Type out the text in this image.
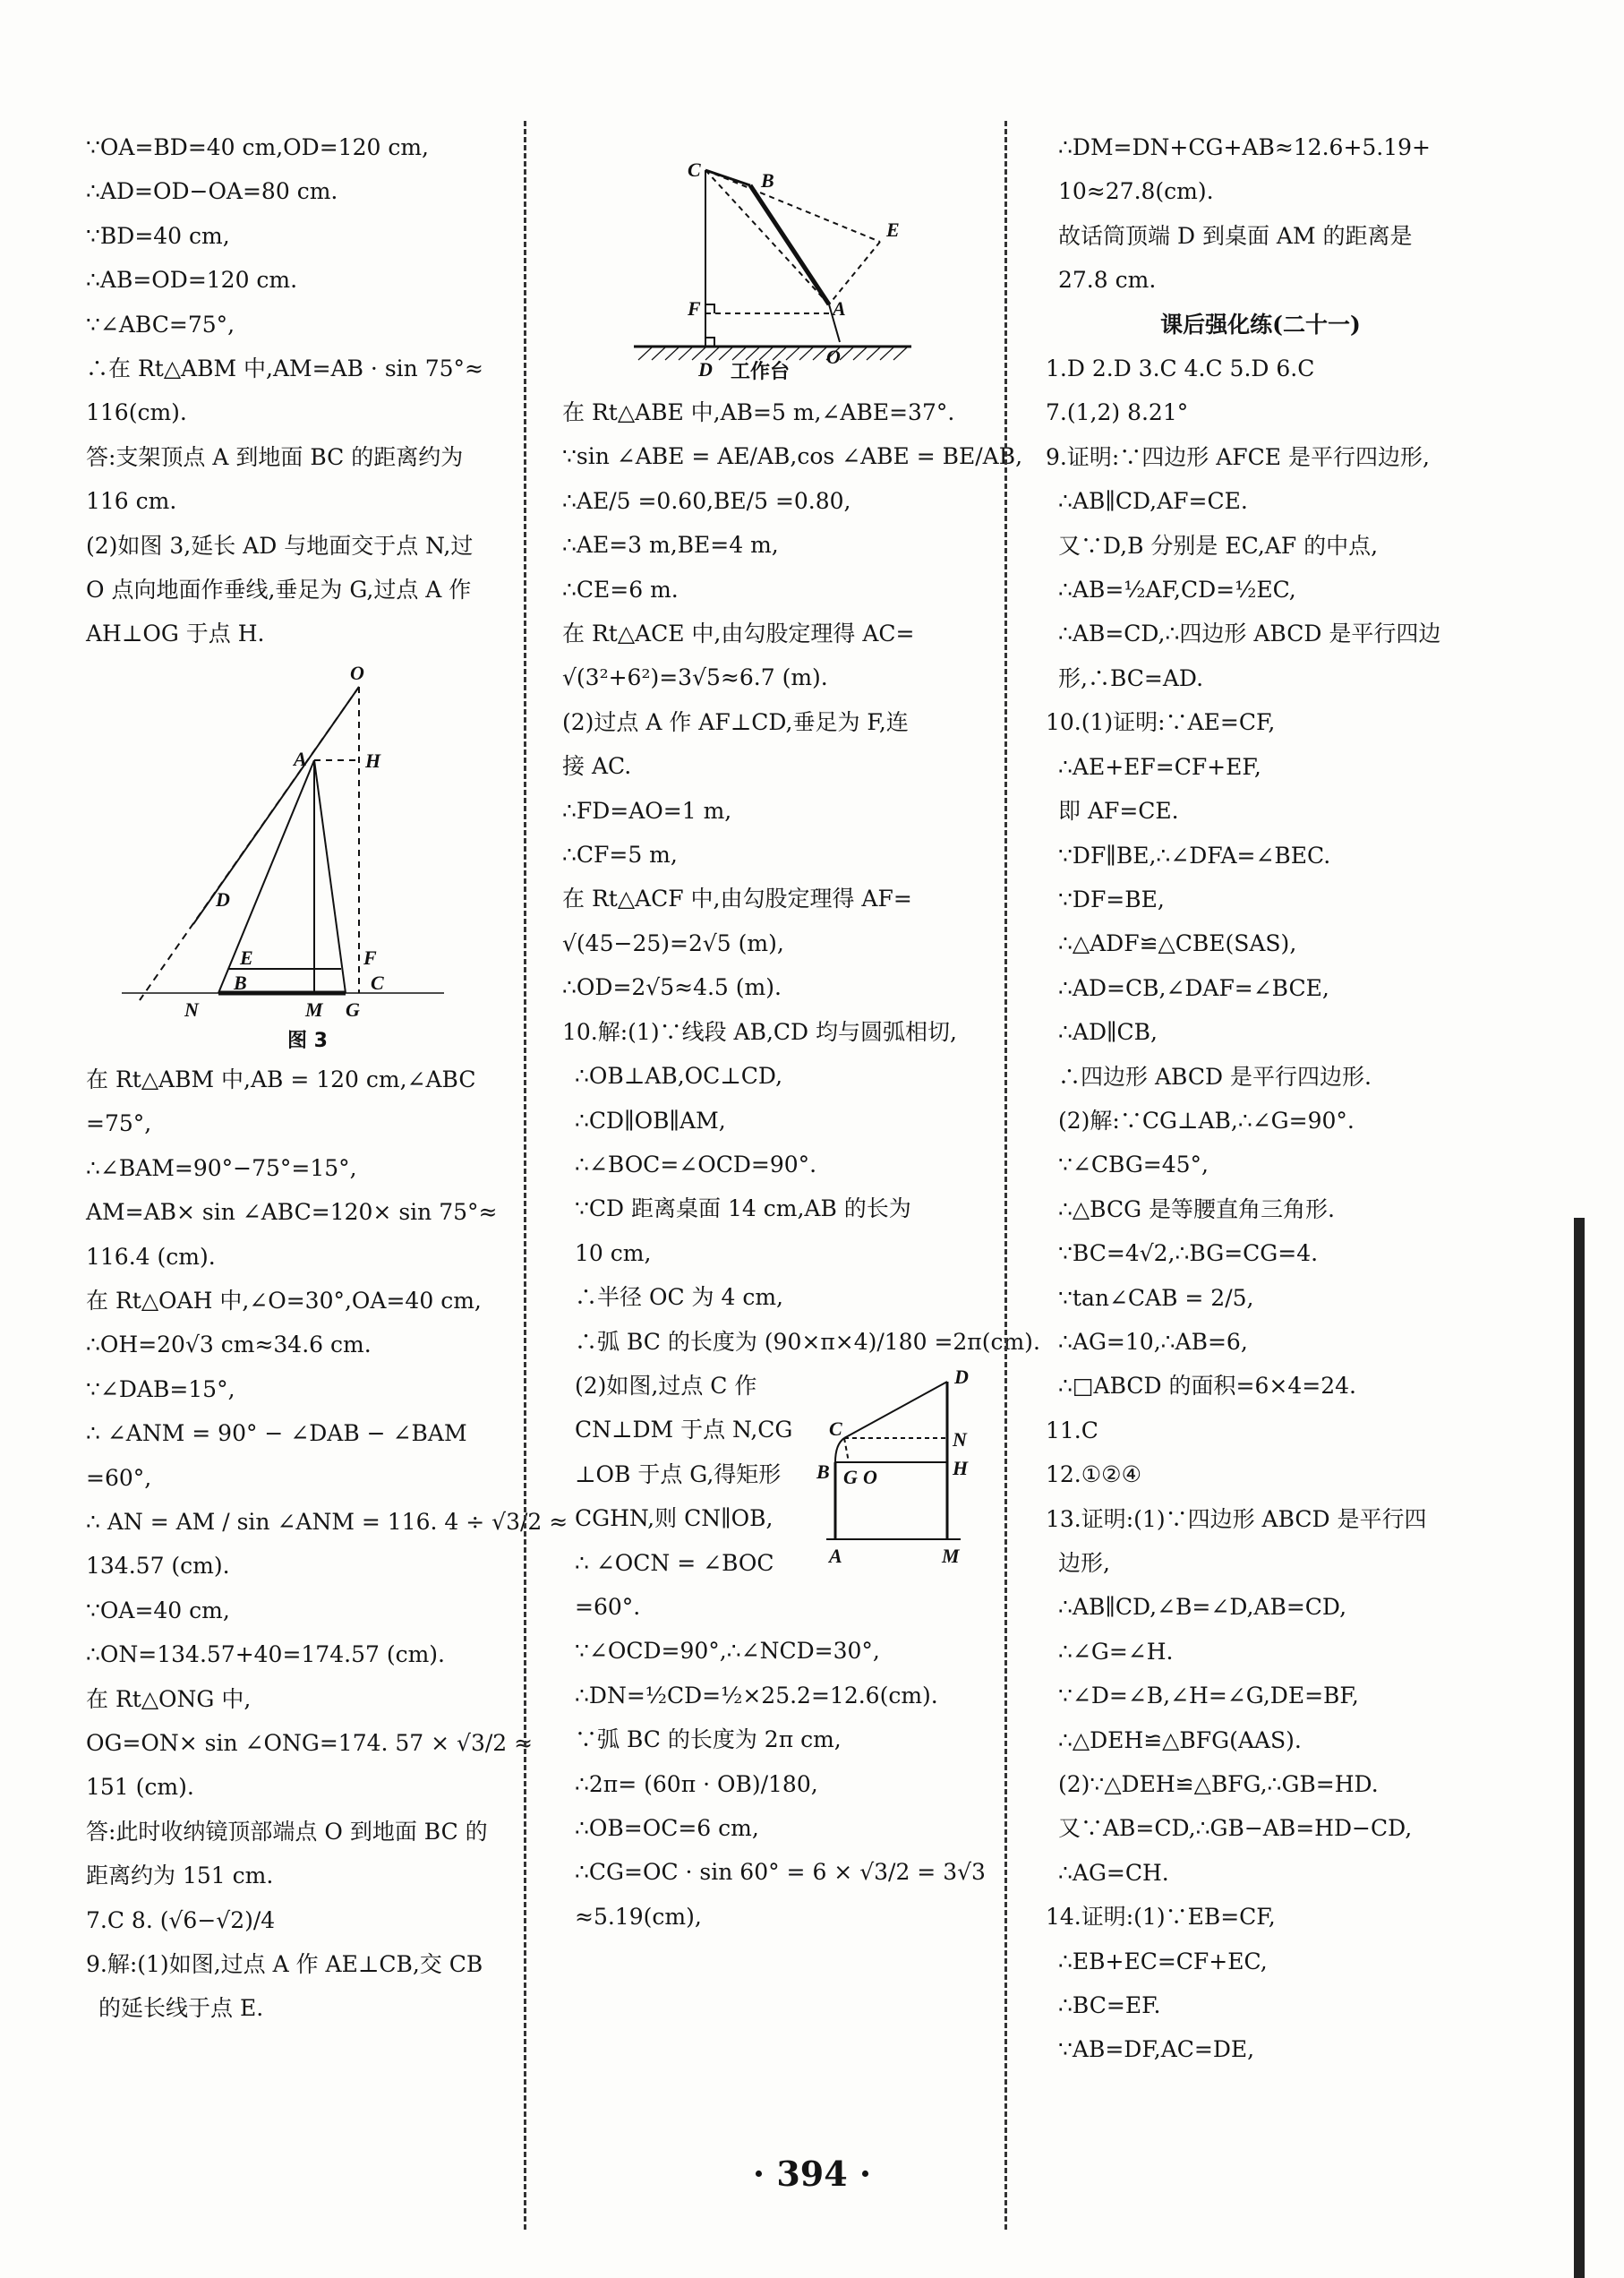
∵OA=BD=40 cm,OD=120 cm,
∴AD=OD−OA=80 cm.
∵BD=40 cm,
∴AB=OD=120 cm.
∵∠ABC=75°,
∴在 Rt△ABM 中,AM=AB · sin 75°≈
116(cm).
答:支架顶点 A 到地面 BC 的距离约为
116 cm.
(2)如图 3,延长 AD 与地面交于点 N,过
O 点向地面作垂线,垂足为 G,过点 A 作
AH⊥OG 于点 H.
O
A	H
D
E	F
B	C
N	M G
图 3
在 Rt△ABM 中,AB = 120 cm,∠ABC
=75°,
∴∠BAM=90°−75°=15°,
AM=AB× sin ∠ABC=120× sin 75°≈
116.4 (cm).
在 Rt△OAH 中,∠O=30°,OA=40 cm,
∴OH=20√3 cm≈34.6 cm.
∵∠DAB=15°,
∴ ∠ANM = 90° − ∠DAB − ∠BAM
=60°,
∴ AN = AM / sin ∠ANM = 116. 4 ÷ √3/2 ≈
134.57 (cm).
∵OA=40 cm,
∴ON=134.57+40=174.57 (cm).
在 Rt△ONG 中,
OG=ON× sin ∠ONG=174. 57 × √3/2 ≈
151 (cm).
答:此时收纳镜顶部端点 O 到地面 BC 的
距离约为 151 cm.
7.C 8. (√6−√2)/4
9.解:(1)如图,过点 A 作 AE⊥CB,交 CB
的延长线于点 E.
C	B
E
F	A
D
O
工作台
在 Rt△ABE 中,AB=5 m,∠ABE=37°.
∵sin ∠ABE = AE/AB,cos ∠ABE = BE/AB,
∴AE/5 =0.60,BE/5 =0.80,
∴AE=3 m,BE=4 m,
∴CE=6 m.
在 Rt△ACE 中,由勾股定理得 AC=
√(3²+6²)=3√5≈6.7 (m).
(2)过点 A 作 AF⊥CD,垂足为 F,连
接 AC.
∴FD=AO=1 m,
∴CF=5 m,
在 Rt△ACF 中,由勾股定理得 AF=
√(45−25)=2√5 (m),
∴OD=2√5≈4.5 (m).
10.解:(1)∵线段 AB,CD 均与圆弧相切,
∴OB⊥AB,OC⊥CD,
∴CD∥OB∥AM,
∴∠BOC=∠OCD=90°.
∵CD 距离桌面 14 cm,AB 的长为
10 cm,
∴半径 OC 为 4 cm,
∴弧 BC 的长度为 (90×π×4)/180 =2π(cm).
(2)如图,过点 C 作
CN⊥DM 于点 N,CG
⊥OB 于点 G,得矩形
CGHN,则 CN∥OB,
∴ ∠OCN = ∠BOC
=60°.
D
C	N
B G O	H
A	M
∵∠OCD=90°,∴∠NCD=30°,
∴DN=½CD=½×25.2=12.6(cm).
∵弧 BC 的长度为 2π cm,
∴2π= (60π · OB)/180,
∴OB=OC=6 cm,
∴CG=OC · sin 60° = 6 × √3/2 = 3√3
≈5.19(cm),
∴DM=DN+CG+AB≈12.6+5.19+
10≈27.8(cm).
故话筒顶端 D 到桌面 AM 的距离是
27.8 cm.
课后强化练(二十一)
1.D 2.D 3.C 4.C 5.D 6.C
7.(1,2) 8.21°
9.证明:∵四边形 AFCE 是平行四边形,
∴AB∥CD,AF=CE.
又∵D,B 分别是 EC,AF 的中点,
∴AB=½AF,CD=½EC,
∴AB=CD,∴四边形 ABCD 是平行四边
形,∴BC=AD.
10.(1)证明:∵AE=CF,
∴AE+EF=CF+EF,
即 AF=CE.
∵DF∥BE,∴∠DFA=∠BEC.
∵DF=BE,
∴△ADF≌△CBE(SAS),
∴AD=CB,∠DAF=∠BCE,
∴AD∥CB,
∴四边形 ABCD 是平行四边形.
(2)解:∵CG⊥AB,∴∠G=90°.
∵∠CBG=45°,
∴△BCG 是等腰直角三角形.
∵BC=4√2,∴BG=CG=4.
∵tan∠CAB = 2/5,
∴AG=10,∴AB=6,
∴□ABCD 的面积=6×4=24.
11.C
12.①②④
13.证明:(1)∵四边形 ABCD 是平行四
边形,
∴AB∥CD,∠B=∠D,AB=CD,
∴∠G=∠H.
∵∠D=∠B,∠H=∠G,DE=BF,
∴△DEH≌△BFG(AAS).
(2)∵△DEH≌△BFG,∴GB=HD.
又∵AB=CD,∴GB−AB=HD−CD,
∴AG=CH.
14.证明:(1)∵EB=CF,
∴EB+EC=CF+EC,
∴BC=EF.
∵AB=DF,AC=DE,
· 394 ·
